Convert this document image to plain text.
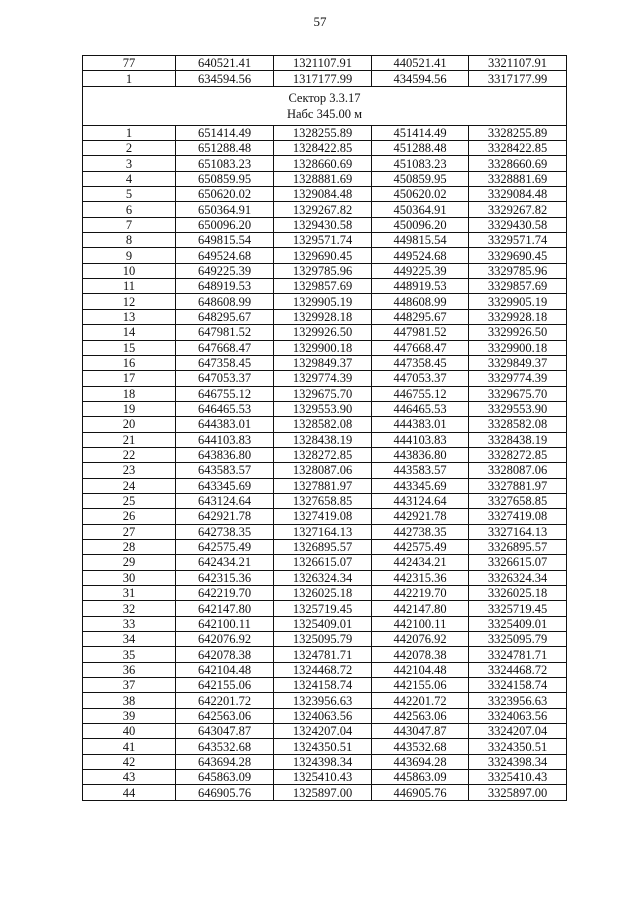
57
77	640521.41	1321107.91	440521.41	3321107.91
1	634594.56	1317177.99	434594.56	3317177.99

Сектор 3.3.17
Набс 345.00 м				

1	651414.49	1328255.89	451414.49	3328255.89
2	651288.48	1328422.85	451288.48	3328422.85
3	651083.23	1328660.69	451083.23	3328660.69
4	650859.95	1328881.69	450859.95	3328881.69
5	650620.02	1329084.48	450620.02	3329084.48
6	650364.91	1329267.82	450364.91	3329267.82
7	650096.20	1329430.58	450096.20	3329430.58
8	649815.54	1329571.74	449815.54	3329571.74
9	649524.68	1329690.45	449524.68	3329690.45
10	649225.39	1329785.96	449225.39	3329785.96
11	648919.53	1329857.69	448919.53	3329857.69
12	648608.99	1329905.19	448608.99	3329905.19
13	648295.67	1329928.18	448295.67	3329928.18
14	647981.52	1329926.50	447981.52	3329926.50
15	647668.47	1329900.18	447668.47	3329900.18
16	647358.45	1329849.37	447358.45	3329849.37
17	647053.37	1329774.39	447053.37	3329774.39
18	646755.12	1329675.70	446755.12	3329675.70
19	646465.53	1329553.90	446465.53	3329553.90
20	644383.01	1328582.08	444383.01	3328582.08
21	644103.83	1328438.19	444103.83	3328438.19
22	643836.80	1328272.85	443836.80	3328272.85
23	643583.57	1328087.06	443583.57	3328087.06
24	643345.69	1327881.97	443345.69	3327881.97
25	643124.64	1327658.85	443124.64	3327658.85
26	642921.78	1327419.08	442921.78	3327419.08
27	642738.35	1327164.13	442738.35	3327164.13
28	642575.49	1326895.57	442575.49	3326895.57
29	642434.21	1326615.07	442434.21	3326615.07
30	642315.36	1326324.34	442315.36	3326324.34
31	642219.70	1326025.18	442219.70	3326025.18
32	642147.80	1325719.45	442147.80	3325719.45
33	642100.11	1325409.01	442100.11	3325409.01
34	642076.92	1325095.79	442076.92	3325095.79
35	642078.38	1324781.71	442078.38	3324781.71
36	642104.48	1324468.72	442104.48	3324468.72
37	642155.06	1324158.74	442155.06	3324158.74
38	642201.72	1323956.63	442201.72	3323956.63
39	642563.06	1324063.56	442563.06	3324063.56
40	643047.87	1324207.04	443047.87	3324207.04
41	643532.68	1324350.51	443532.68	3324350.51
42	643694.28	1324398.34	443694.28	3324398.34
43	645863.09	1325410.43	445863.09	3325410.43
44	646905.76	1325897.00	446905.76	3325897.00
